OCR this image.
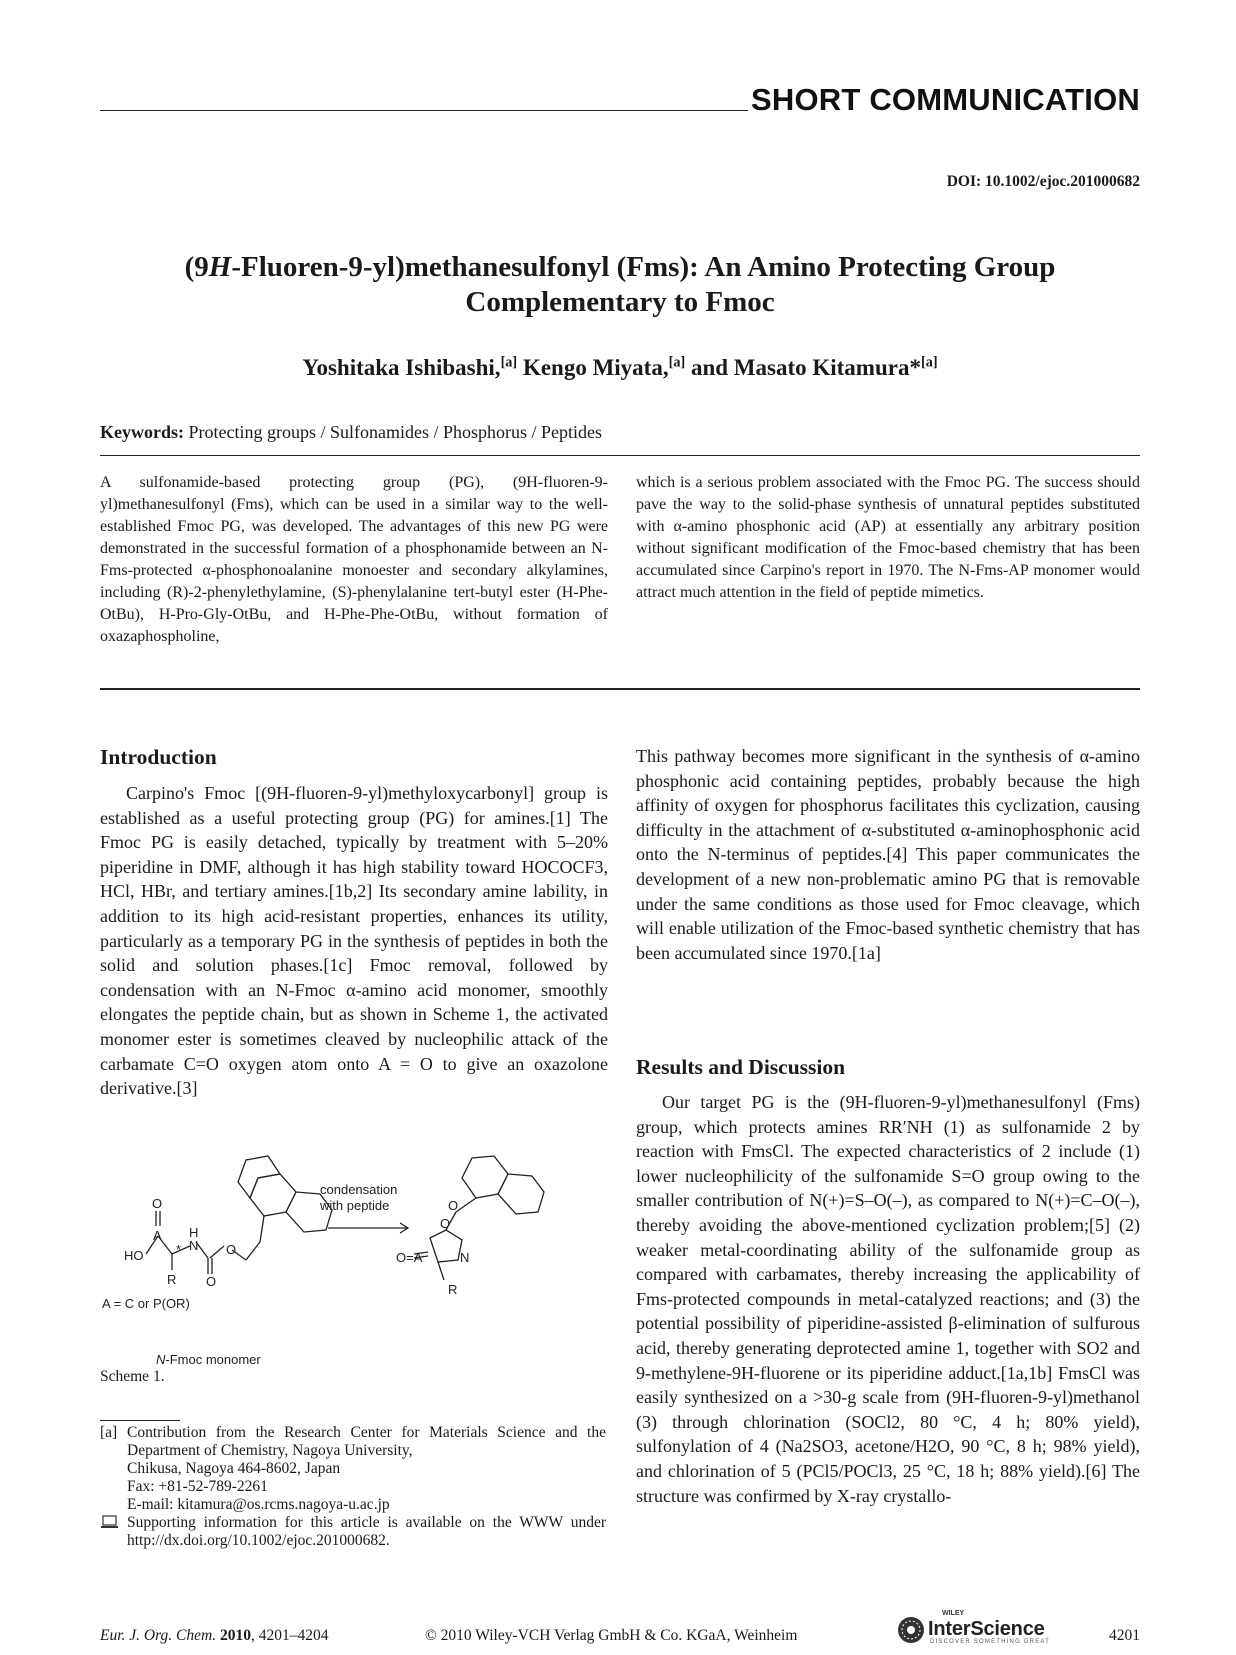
SHORT COMMUNICATION
DOI: 10.1002/ejoc.201000682
(9H-Fluoren-9-yl)methanesulfonyl (Fms): An Amino Protecting Group
Complementary to Fmoc
Yoshitaka Ishibashi,[a] Kengo Miyata,[a] and Masato Kitamura*[a]
Keywords: Protecting groups / Sulfonamides / Phosphorus / Peptides
A sulfonamide-based protecting group (PG), (9H-fluoren-9-yl)methanesulfonyl (Fms), which can be used in a similar way to the well-established Fmoc PG, was developed. The advantages of this new PG were demonstrated in the successful formation of a phosphonamide between an N-Fms-protected α-phosphonoalanine monoester and secondary alkylamines, including (R)-2-phenylethylamine, (S)-phenylalanine tert-butyl ester (H-Phe-OtBu), H-Pro-Gly-OtBu, and H-Phe-Phe-OtBu, without formation of oxazaphospholine,
which is a serious problem associated with the Fmoc PG. The success should pave the way to the solid-phase synthesis of unnatural peptides substituted with α-amino phosphonic acid (AP) at essentially any arbitrary position without significant modification of the Fmoc-based chemistry that has been accumulated since Carpino's report in 1970. The N-Fms-AP monomer would attract much attention in the field of peptide mimetics.
Introduction

Carpino's Fmoc [(9H-fluoren-9-yl)methyloxycarbonyl] group is established as a useful protecting group (PG) for amines.[1] The Fmoc PG is easily detached, typically by treatment with 5–20% piperidine in DMF, although it has high stability toward HOCOCF3, HCl, HBr, and tertiary amines.[1b,2] Its secondary amine lability, in addition to its high acid-resistant properties, enhances its utility, particularly as a temporary PG in the synthesis of peptides in both the solid and solution phases.[1c] Fmoc removal, followed by condensation with an N-Fmoc α-amino acid monomer, smoothly elongates the peptide chain, but as shown in Scheme 1, the activated monomer ester is sometimes cleaved by nucleophilic attack of the carbamate C=O oxygen atom onto A = O to give an oxazolone derivative.[3]

This pathway becomes more significant in the synthesis of α-amino phosphonic acid containing peptides, probably because the high affinity of oxygen for phosphorus facilitates this cyclization, causing difficulty in the attachment of α-substituted α-aminophosphonic acid onto the N-terminus of peptides.[4] This paper communicates the development of a new non-problematic amino PG that is removable under the same conditions as those used for Fmoc cleavage, which will enable utilization of the Fmoc-based synthetic chemistry that has been accumulated since 1970.[1a]

Results and Discussion

Our target PG is the (9H-fluoren-9-yl)methanesulfonyl (Fms) group, which protects amines RR′NH (1) as sulfonamide 2 by reaction with FmsCl. The expected characteristics of 2 include (1) lower nucleophilicity of the sulfonamide S=O group owing to the smaller contribution of N(+)=S–O(–), as compared to N(+)=C–O(–), thereby avoiding the above-mentioned cyclization problem;[5] (2) weaker metal-coordinating ability of the sulfonamide group as compared with carbamates, thereby increasing the applicability of Fms-protected compounds in metal-catalyzed reactions; and (3) the potential possibility of piperidine-assisted β-elimination of sulfurous acid, thereby generating deprotected amine 1, together with SO2 and 9-methylene-9H-fluorene or its piperidine adduct.[1a,1b] FmsCl was easily synthesized on a >30-g scale from (9H-fluoren-9-yl)methanol (3) through chlorination (SOCl2, 80 °C, 4 h; 80% yield), sulfonylation of 4 (Na2SO3, acetone/H2O, 90 °C, 8 h; 98% yield), and chlorination of 5 (PCl5/POCl3, 25 °C, 18 h; 88% yield).[6] The structure was confirmed by X-ray crystallo-

O
A
HO	*
H
N
R O
O
condensation
with peptide
A = C or P(OR)
N-Fmoc monomer
O
O=A	N
R
O
Scheme 1.
[a] Contribution from the Research Center for Materials Science and the Department of Chemistry, Nagoya University,
Chikusa, Nagoya 464-8602, Japan
Fax: +81-52-789-2261
E-mail: kitamura@os.rcms.nagoya-u.ac.jp
Supporting information for this article is available on the WWW under http://dx.doi.org/10.1002/ejoc.201000682.
Eur. J. Org. Chem. 2010, 4201–4204	© 2010 Wiley-VCH Verlag GmbH & Co. KGaA, Weinheim
WILEY
InterScience
DISCOVER SOMETHING GREAT	4201
